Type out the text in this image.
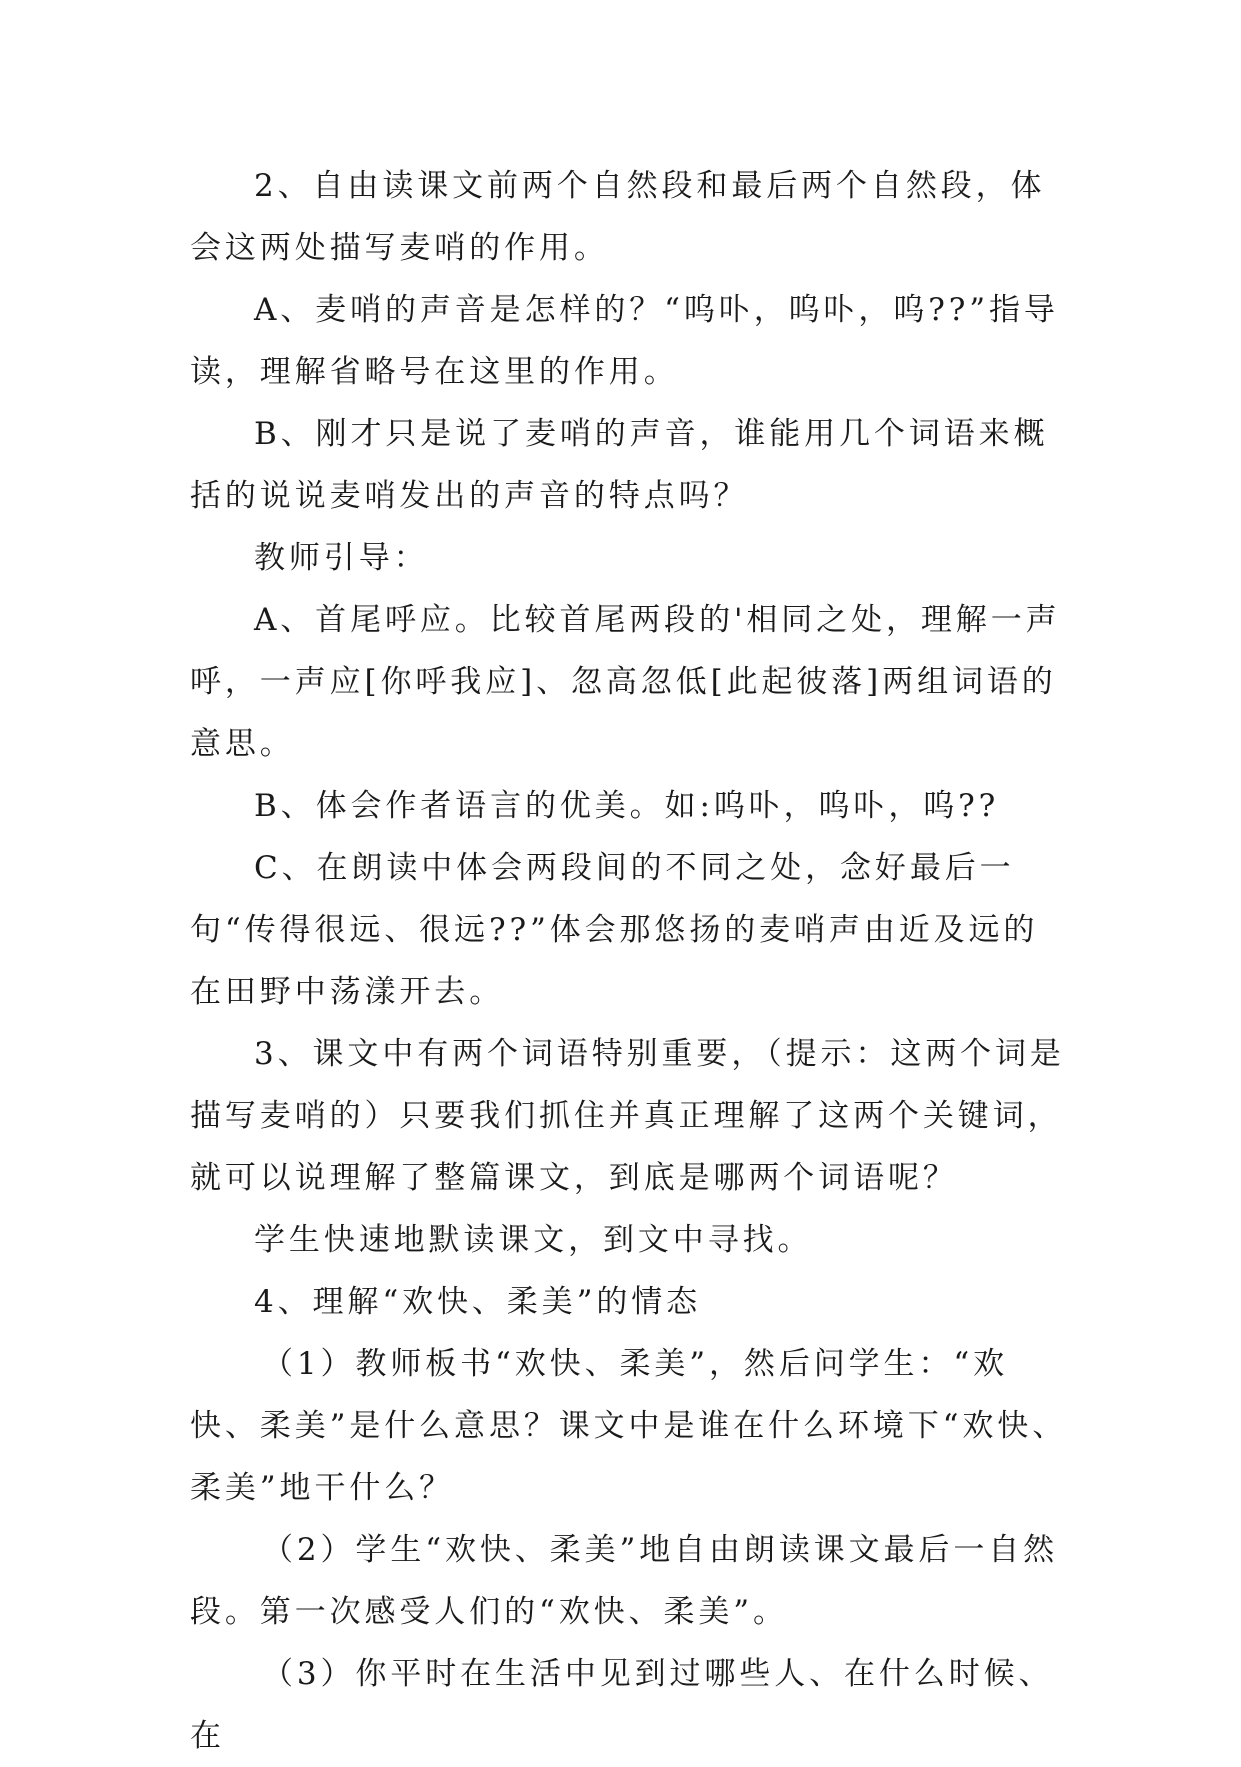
2、自由读课文前两个自然段和最后两个自然段，体会这两处描写麦哨的作用。

A、麦哨的声音是怎样的？“呜卟，呜卟，呜??”指导读，理解省略号在这里的作用。

B、刚才只是说了麦哨的声音，谁能用几个词语来概括的说说麦哨发出的声音的特点吗？

教师引导：

A、首尾呼应。比较首尾两段的'相同之处，理解一声呼，一声应[你呼我应]、忽高忽低[此起彼落]两组词语的意思。

B、体会作者语言的优美。如:呜卟，呜卟，呜??

C、在朗读中体会两段间的不同之处，念好最后一句“传得很远、很远??”体会那悠扬的麦哨声由近及远的在田野中荡漾开去。

3、课文中有两个词语特别重要，（提示：这两个词是描写麦哨的）只要我们抓住并真正理解了这两个关键词，就可以说理解了整篇课文，到底是哪两个词语呢？

学生快速地默读课文，到文中寻找。

4、理解“欢快、柔美”的情态

（1）教师板书“欢快、柔美”，然后问学生：“欢快、柔美”是什么意思？课文中是谁在什么环境下“欢快、柔美”地干什么？

（2）学生“欢快、柔美”地自由朗读课文最后一自然段。第一次感受人们的“欢快、柔美”。

（3）你平时在生活中见到过哪些人、在什么时候、在
